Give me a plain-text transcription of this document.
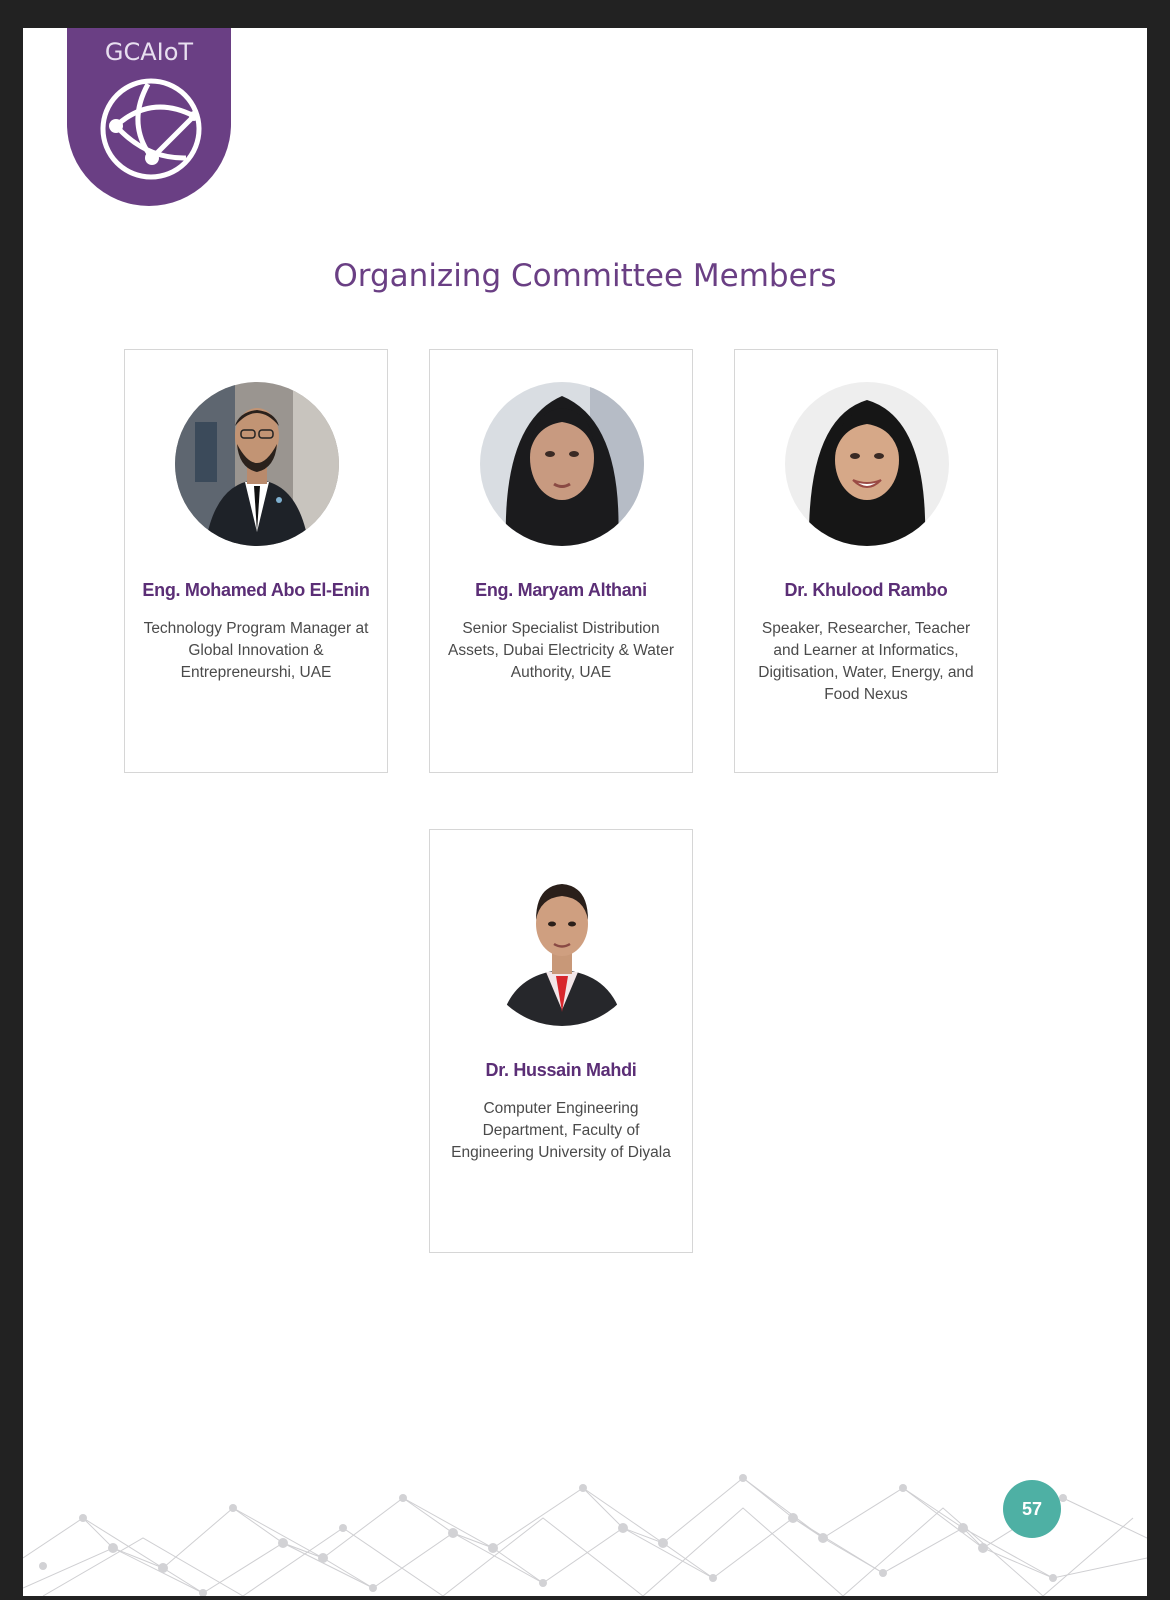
GCAIoT
Organizing Committee Members
Eng. Mohamed Abo El-Enin
Technology Program Manager at Global Innovation & Entrepreneurshi, UAE
Eng. Maryam Althani
Senior Specialist Distribution Assets, Dubai Electricity & Water Authority, UAE
Dr. Khulood Rambo
Speaker, Researcher, Teacher and Learner at Informatics, Digitisation, Water, Energy, and Food Nexus
Dr. Hussain Mahdi
Computer Engineering Department, Faculty of Engineering University of Diyala
57
